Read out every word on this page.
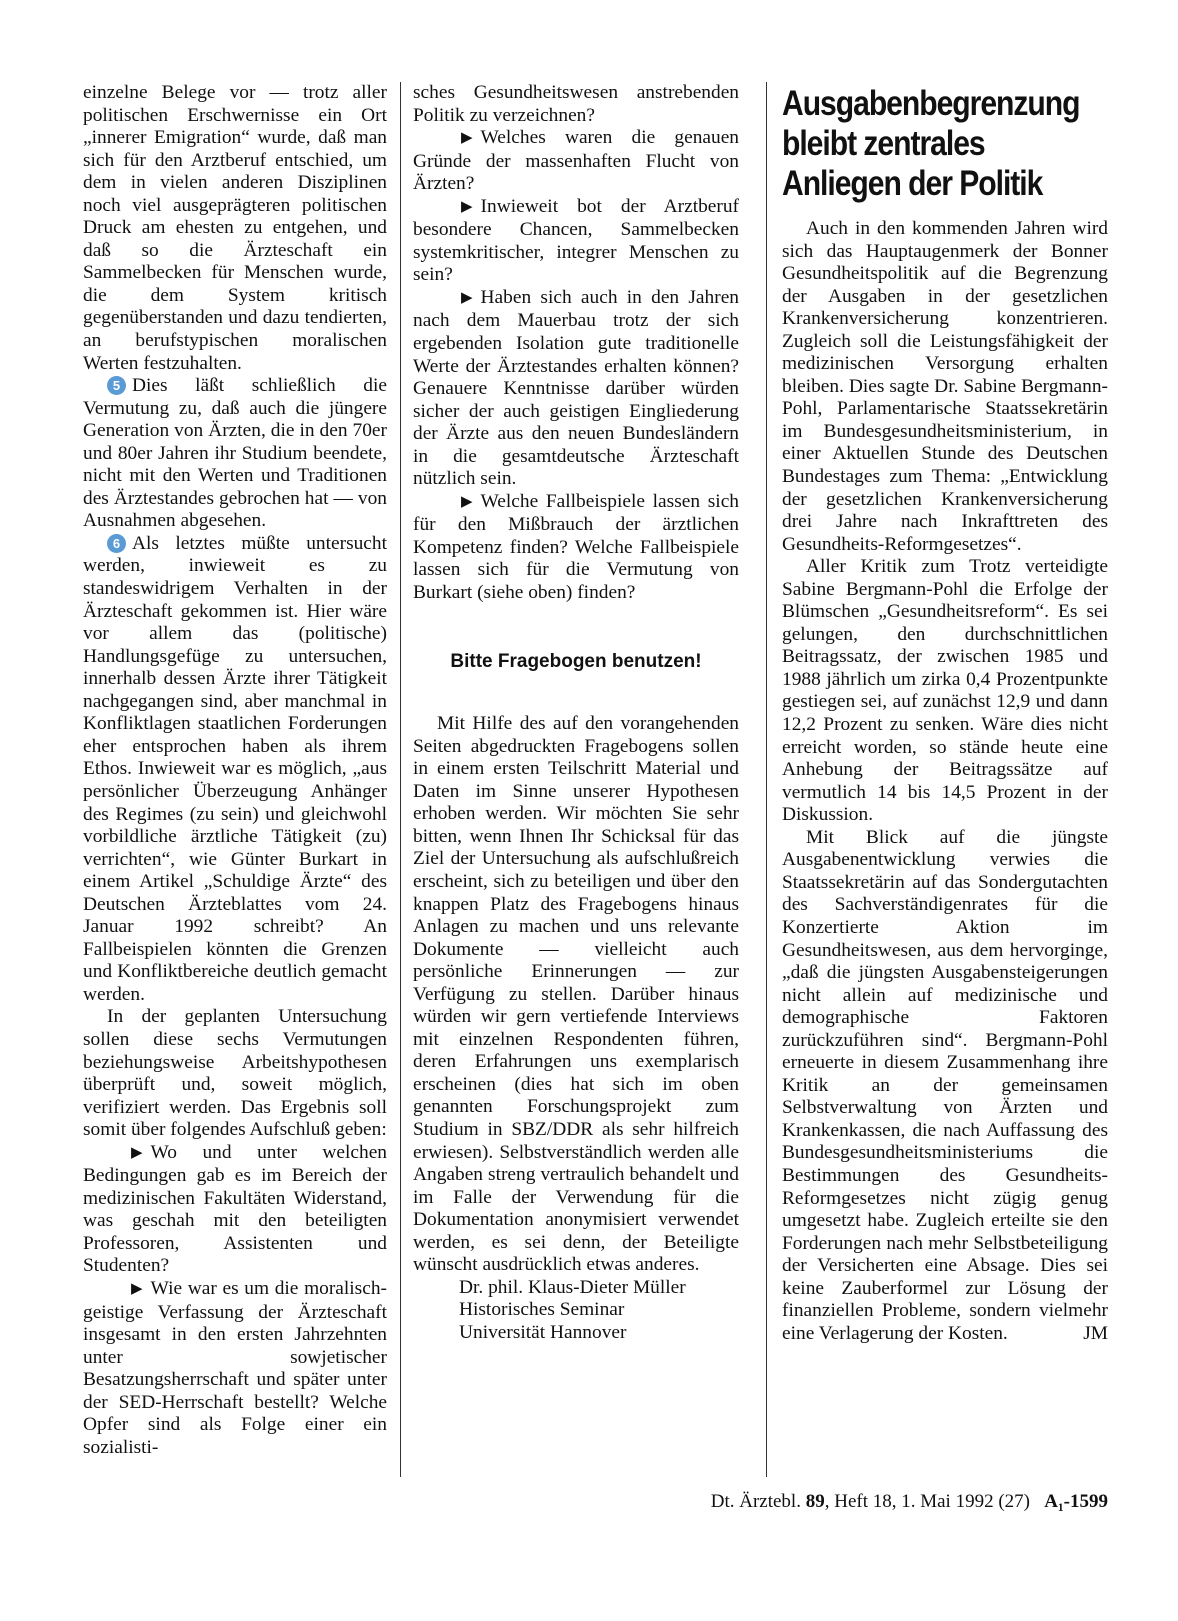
einzelne Belege vor — trotz aller politischen Erschwernisse ein Ort „innerer Emigration“ wurde, daß man sich für den Arztberuf entschied, um dem in vielen anderen Disziplinen noch viel ausgeprägteren politischen Druck am ehesten zu entgehen, und daß so die Ärzteschaft ein Sammelbecken für Menschen wurde, die dem System kritisch gegenüberstanden und dazu tendierten, an berufstypischen moralischen Werten festzuhalten.

5 Dies läßt schließlich die Vermutung zu, daß auch die jüngere Generation von Ärzten, die in den 70er und 80er Jahren ihr Studium beendete, nicht mit den Werten und Traditionen des Ärztestandes gebrochen hat — von Ausnahmen abgesehen.

6 Als letztes müßte untersucht werden, inwieweit es zu standeswidrigem Verhalten in der Ärzteschaft gekommen ist. Hier wäre vor allem das (politische) Handlungsgefüge zu untersuchen, innerhalb dessen Ärzte ihrer Tätigkeit nachgegangen sind, aber manchmal in Konfliktlagen staatlichen Forderungen eher entsprochen haben als ihrem Ethos. Inwieweit war es möglich, „aus persönlicher Überzeugung Anhänger des Regimes (zu sein) und gleichwohl vorbildliche ärztliche Tätigkeit (zu) verrichten“, wie Günter Burkart in einem Artikel „Schuldige Ärzte“ des Deutschen Ärzteblattes vom 24. Januar 1992 schreibt? An Fallbeispielen könnten die Grenzen und Konfliktbereiche deutlich gemacht werden.

In der geplanten Untersuchung sollen diese sechs Vermutungen beziehungsweise Arbeitshypothesen überprüft und, soweit möglich, verifiziert werden. Das Ergebnis soll somit über folgendes Aufschluß geben:

▶ Wo und unter welchen Bedingungen gab es im Bereich der medizinischen Fakultäten Widerstand, was geschah mit den beteiligten Professoren, Assistenten und Studenten?

▶ Wie war es um die moralisch-geistige Verfassung der Ärzteschaft insgesamt in den ersten Jahrzehnten unter sowjetischer Besatzungsherrschaft und später unter der SED-Herrschaft bestellt? Welche Opfer sind als Folge einer ein sozialisti-

sches Gesundheitswesen anstrebenden Politik zu verzeichnen?

▶ Welches waren die genauen Gründe der massenhaften Flucht von Ärzten?

▶ Inwieweit bot der Arztberuf besondere Chancen, Sammelbecken systemkritischer, integrer Menschen zu sein?

▶ Haben sich auch in den Jahren nach dem Mauerbau trotz der sich ergebenden Isolation gute traditionelle Werte der Ärztestandes erhalten können? Genauere Kenntnisse darüber würden sicher der auch geistigen Eingliederung der Ärzte aus den neuen Bundesländern in die gesamtdeutsche Ärzteschaft nützlich sein.

▶ Welche Fallbeispiele lassen sich für den Mißbrauch der ärztlichen Kompetenz finden? Welche Fallbeispiele lassen sich für die Vermutung von Burkart (siehe oben) finden?

Bitte Fragebogen benutzen!

Mit Hilfe des auf den vorangehenden Seiten abgedruckten Fragebogens sollen in einem ersten Teilschritt Material und Daten im Sinne unserer Hypothesen erhoben werden. Wir möchten Sie sehr bitten, wenn Ihnen Ihr Schicksal für das Ziel der Untersuchung als aufschlußreich erscheint, sich zu beteiligen und über den knappen Platz des Fragebogens hinaus Anlagen zu machen und uns relevante Dokumente — vielleicht auch persönliche Erinnerungen — zur Verfügung zu stellen. Darüber hinaus würden wir gern vertiefende Interviews mit einzelnen Respondenten führen, deren Erfahrungen uns exemplarisch erscheinen (dies hat sich im oben genannten Forschungsprojekt zum Studium in SBZ/DDR als sehr hilfreich erwiesen). Selbstverständlich werden alle Angaben streng vertraulich behandelt und im Falle der Verwendung für die Dokumentation anonymisiert verwendet werden, es sei denn, der Beteiligte wünscht ausdrücklich etwas anderes.

Dr. phil. Klaus-Dieter Müller
Historisches Seminar
Universität Hannover
Ausgabenbegrenzung
bleibt zentrales
Anliegen der Politik

Auch in den kommenden Jahren wird sich das Hauptaugenmerk der Bonner Gesundheitspolitik auf die Begrenzung der Ausgaben in der gesetzlichen Krankenversicherung konzentrieren. Zugleich soll die Leistungsfähigkeit der medizinischen Versorgung erhalten bleiben. Dies sagte Dr. Sabine Bergmann-Pohl, Parlamentarische Staatssekretärin im Bundesgesundheitsministerium, in einer Aktuellen Stunde des Deutschen Bundestages zum Thema: „Entwicklung der gesetzlichen Krankenversicherung drei Jahre nach Inkrafttreten des Gesundheits-Reformgesetzes“.

Aller Kritik zum Trotz verteidigte Sabine Bergmann-Pohl die Erfolge der Blümschen „Gesundheitsreform“. Es sei gelungen, den durchschnittlichen Beitragssatz, der zwischen 1985 und 1988 jährlich um zirka 0,4 Prozentpunkte gestiegen sei, auf zunächst 12,9 und dann 12,2 Prozent zu senken. Wäre dies nicht erreicht worden, so stände heute eine Anhebung der Beitragssätze auf vermutlich 14 bis 14,5 Prozent in der Diskussion.

Mit Blick auf die jüngste Ausgabenentwicklung verwies die Staatssekretärin auf das Sondergutachten des Sachverständigenrates für die Konzertierte Aktion im Gesundheitswesen, aus dem hervorginge, „daß die jüngsten Ausgabensteigerungen nicht allein auf medizinische und demographische Faktoren zurückzuführen sind“. Bergmann-Pohl erneuerte in diesem Zusammenhang ihre Kritik an der gemeinsamen Selbstverwaltung von Ärzten und Krankenkassen, die nach Auffassung des Bundesgesundheitsministeriums die Bestimmungen des Gesundheits-Reformgesetzes nicht zügig genug umgesetzt habe. Zugleich erteilte sie den Forderungen nach mehr Selbstbeteiligung der Versicherten eine Absage. Dies sei keine Zauberformel zur Lösung der finanziellen Probleme, sondern vielmehr eine Verlagerung der Kosten.	JM

Dt. Ärztebl. 89, Heft 18, 1. Mai 1992 (27) A₁-1599
